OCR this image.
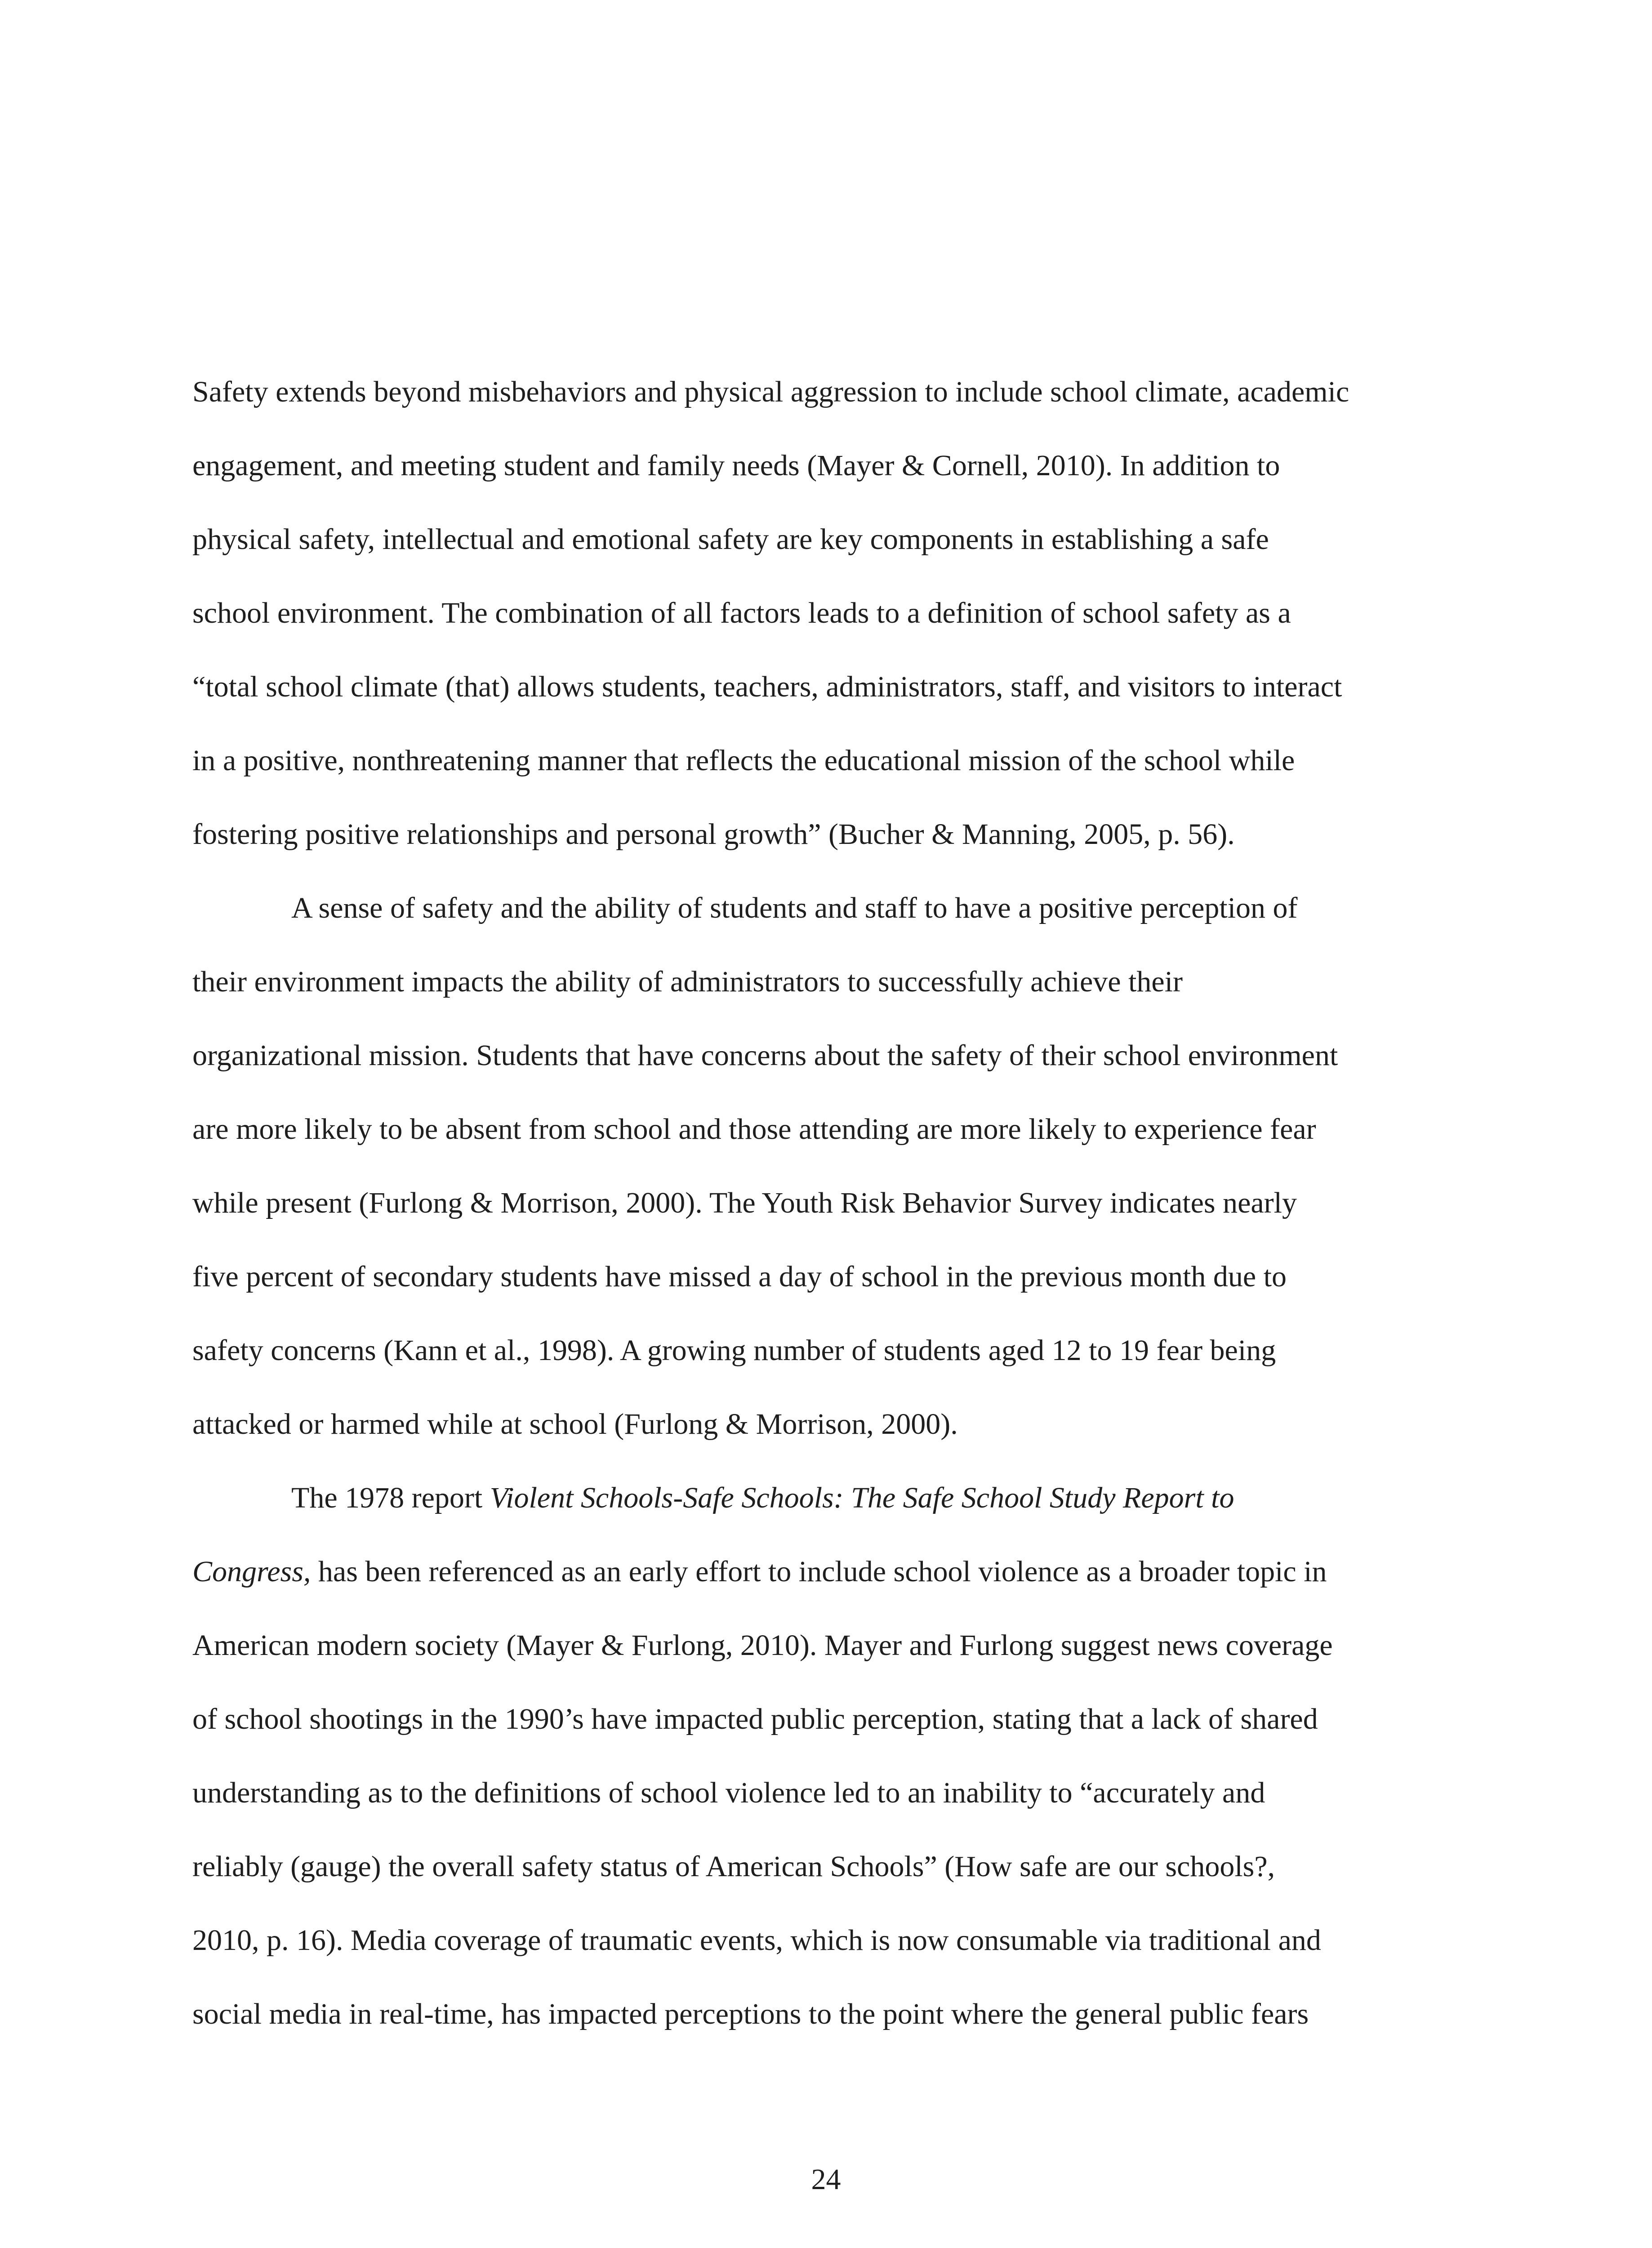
Safety extends beyond misbehaviors and physical aggression to include school climate, academic
engagement, and meeting student and family needs (Mayer & Cornell, 2010). In addition to
physical safety, intellectual and emotional safety are key components in establishing a safe
school environment. The combination of all factors leads to a definition of school safety as a
“total school climate (that) allows students, teachers, administrators, staff, and visitors to interact
in a positive, nonthreatening manner that reflects the educational mission of the school while
fostering positive relationships and personal growth” (Bucher & Manning, 2005, p. 56).
A sense of safety and the ability of students and staff to have a positive perception of
their environment impacts the ability of administrators to successfully achieve their
organizational mission. Students that have concerns about the safety of their school environment
are more likely to be absent from school and those attending are more likely to experience fear
while present (Furlong & Morrison, 2000). The Youth Risk Behavior Survey indicates nearly
five percent of secondary students have missed a day of school in the previous month due to
safety concerns (Kann et al., 1998). A growing number of students aged 12 to 19 fear being
attacked or harmed while at school (Furlong & Morrison, 2000).
The 1978 report Violent Schools-Safe Schools: The Safe School Study Report to
Congress, has been referenced as an early effort to include school violence as a broader topic in
American modern society (Mayer & Furlong, 2010). Mayer and Furlong suggest news coverage
of school shootings in the 1990’s have impacted public perception, stating that a lack of shared
understanding as to the definitions of school violence led to an inability to “accurately and
reliably (gauge) the overall safety status of American Schools” (How safe are our schools?,
2010, p. 16). Media coverage of traumatic events, which is now consumable via traditional and
social media in real-time, has impacted perceptions to the point where the general public fears
24
